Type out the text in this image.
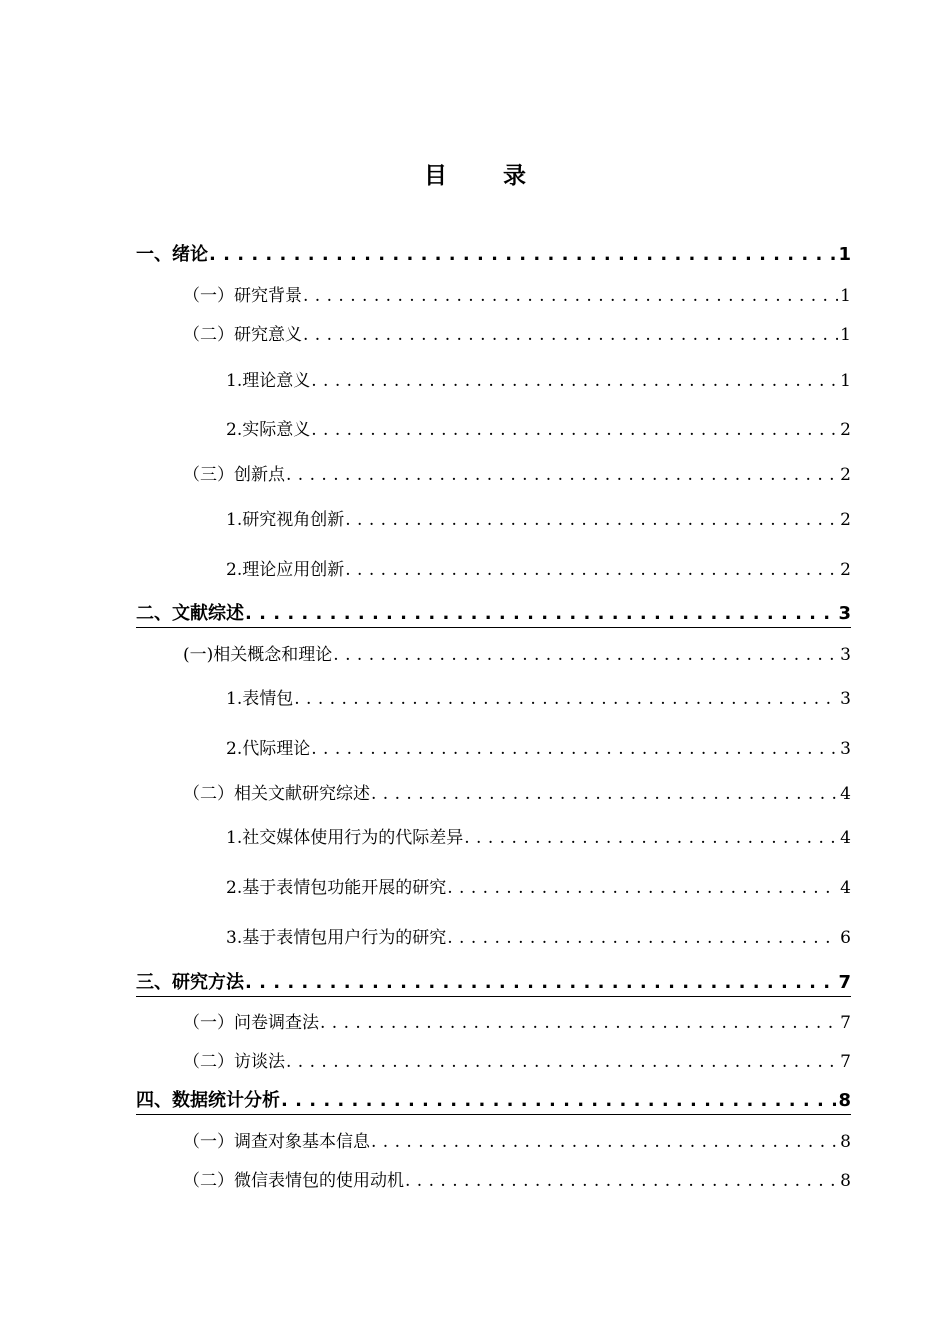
目 录
一、绪论 . . .	1
（一）研究背景 . . .	1
（二）研究意义 . . .	1
1.理论意义 . . .	1
2.实际意义 . . .	2
（三）创新点 . . .	2
1.研究视角创新 . . .	2
2.理论应用创新 . . .	2
二、文献综述 . . .	3
(一)相关概念和理论 . . .	3
1.表情包 . . .	3
2.代际理论 . . .	3
（二）相关文献研究综述 . . .	4
1.社交媒体使用行为的代际差异 . . .	4
2.基于表情包功能开展的研究 . . .	4
3.基于表情包用户行为的研究 . . .	6
三、研究方法 . . .	7
（一）问卷调查法 . . .	7
（二）访谈法 . . .	7
四、数据统计分析 . . .	8
（一）调查对象基本信息 . . .	8
（二）微信表情包的使用动机 . . .	8
